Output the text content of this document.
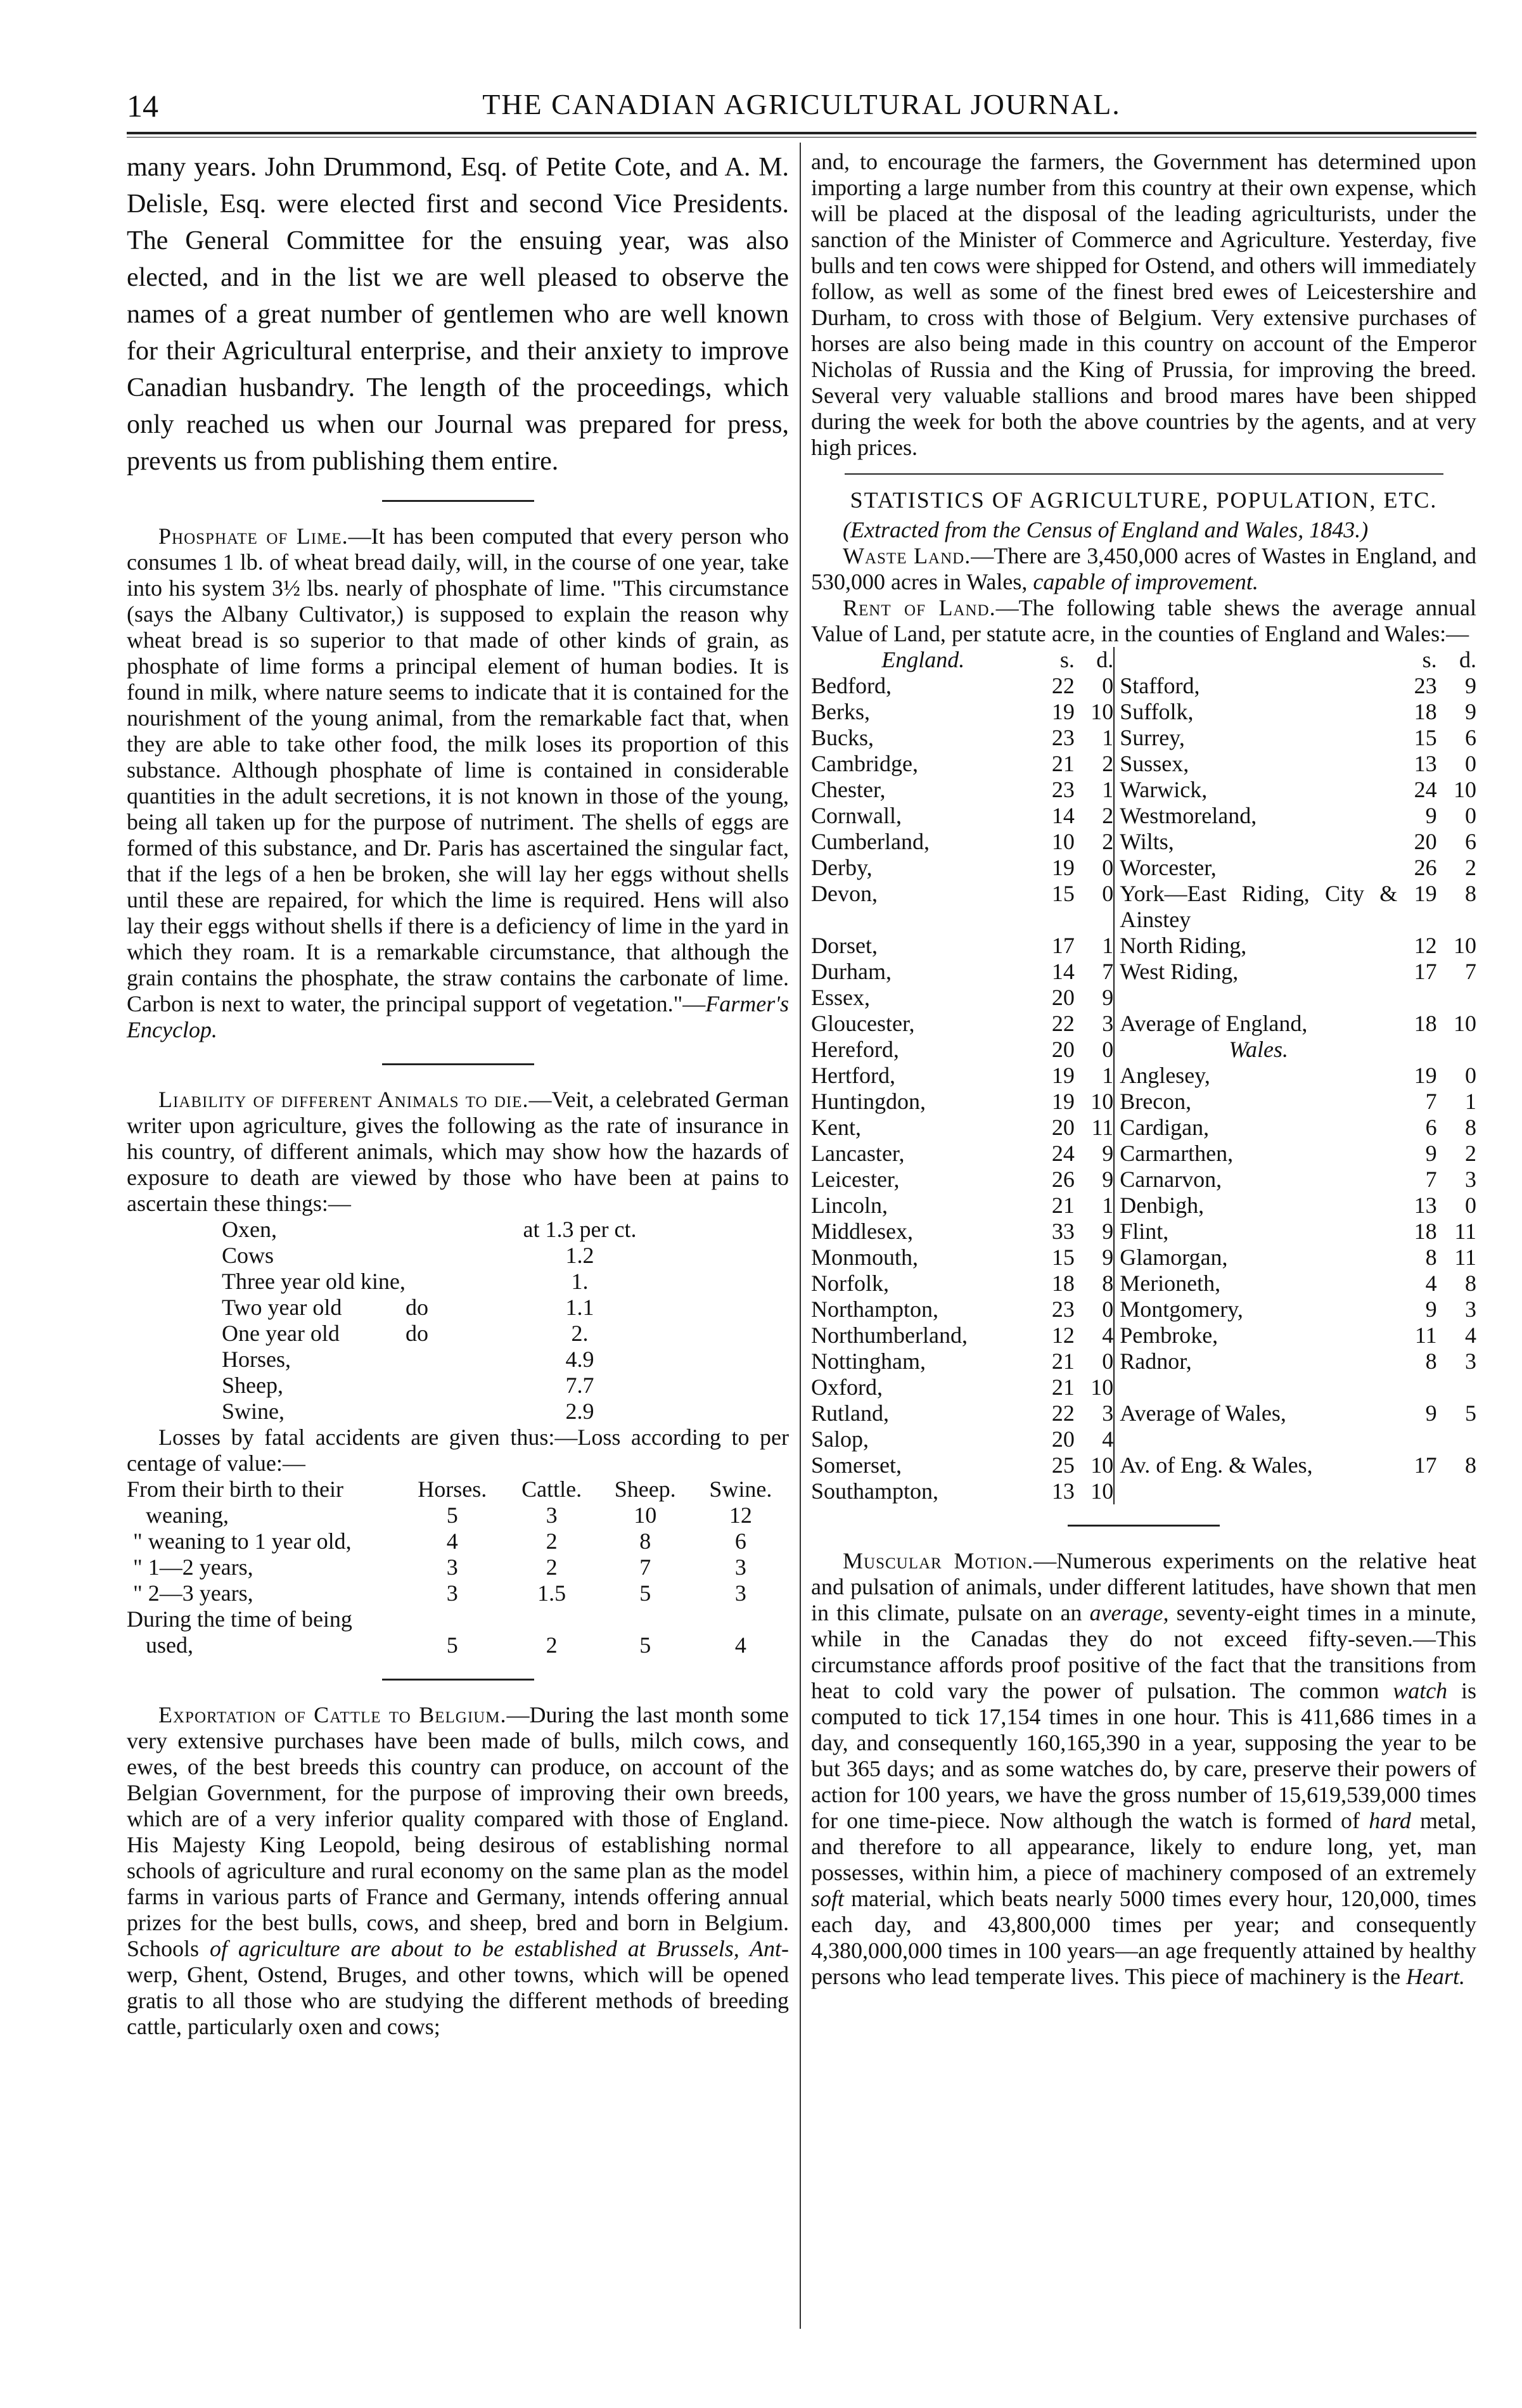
14	THE CANADIAN AGRICULTURAL JOURNAL.

many years. John Drummond, Esq. of Petite Cote, and A. M. Delisle, Esq. were elected first and second Vice Presidents. The General Committee for the ensuing year, was also elected, and in the list we are well pleased to observe the names of a great number of gentlemen who are well known for their Agricultural enterprise, and their anxiety to improve Canadian husbandry. The length of the proceedings, which only reached us when our Journal was prepared for press, prevents us from publishing them entire.

Phosphate of Lime.—It has been computed that every person who consumes 1 lb. of wheat bread daily, will, in the course of one year, take into his system 3½ lbs. nearly of phosphate of lime. "This circumstance (says the Albany Cultivator,) is supposed to explain the reason why wheat bread is so superior to that made of other kinds of grain, as phosphate of lime forms a principal element of human bodies. It is found in milk, where nature seems to indicate that it is contained for the nourishment of the young animal, from the remarkable fact that, when they are able to take other food, the milk loses its proportion of this substance. Although phosphate of lime is contained in considerable quantities in the adult secretions, it is not known in those of the young, being all taken up for the purpose of nutriment. The shells of eggs are formed of this substance, and Dr. Paris has ascertained the singular fact, that if the legs of a hen be broken, she will lay her eggs without shells until these are repaired, for which the lime is required. Hens will also lay their eggs without shells if there is a deficiency of lime in the yard in which they roam. It is a remarkable circumstance, that although the grain contains the phosphate, the straw contains the carbonate of lime. Carbon is next to water, the principal support of vegetation."—Farmer's Encyclop.

Liability of different Animals to die.—Veit, a celebrated German writer upon agriculture, gives the following as the rate of insurance in his country, of different animals, which may show how the hazards of exposure to death are viewed by those who have been at pains to ascertain these things:—

Oxen,		at 1.3 per ct.
Cows		1.2
Three year old kine,		1.
Two year old	do	1.1
One year old	do	2.
Horses,		4.9
Sheep,		7.7
Swine,		2.9

Losses by fatal accidents are given thus:—Loss according to per centage of value:—

From their birth to their	Horses.	Cattle.	Sheep.	Swine.
weaning,	5	3	10	12
" weaning to 1 year old,	4	2	8	6
" 1—2 years,	3	2	7	3
" 2—3 years,	3	1.5	5	3
During the time of being				
used,	5	2	5	4

Exportation of Cattle to Belgium.—During the last month some very extensive purchases have been made of bulls, milch cows, and ewes, of the best breeds this country can produce, on account of the Belgian Government, for the purpose of improving their own breeds, which are of a very inferior quality compared with those of England. His Majesty King Leopold, being desirous of establishing normal schools of agriculture and rural economy on the same plan as the model farms in various parts of France and Germany, intends offering annual prizes for the best bulls, cows, and sheep, bred and born in Belgium. Schools of agriculture are about to be established at Brussels, Ant-werp, Ghent, Ostend, Bruges, and other towns, which will be opened gratis to all those who are studying the different methods of breeding cattle, particularly oxen and cows;

and, to encourage the farmers, the Government has determined upon importing a large number from this country at their own expense, which will be placed at the disposal of the leading agriculturists, under the sanction of the Minister of Commerce and Agriculture. Yesterday, five bulls and ten cows were shipped for Ostend, and others will immediately follow, as well as some of the finest bred ewes of Leicestershire and Durham, to cross with those of Belgium. Very extensive purchases of horses are also being made in this country on account of the Emperor Nicholas of Russia and the King of Prussia, for improving the breed. Several very valuable stallions and brood mares have been shipped during the week for both the above countries by the agents, and at very high prices.

STATISTICS OF AGRICULTURE, POPULATION, ETC.

(Extracted from the Census of England and Wales, 1843.)

Waste Land.—There are 3,450,000 acres of Wastes in England, and 530,000 acres in Wales, capable of improvement.

Rent of Land.—The following table shews the average annual Value of Land, per statute acre, in the counties of England and Wales:—

England.	s.	d.		s.	d.
Bedford,	22	0	Stafford,	23	9
Berks,	19	10	Suffolk,	18	9
Bucks,	23	1	Surrey,	15	6
Cambridge,	21	2	Sussex,	13	0
Chester,	23	1	Warwick,	24	10
Cornwall,	14	2	Westmoreland,	9	0
Cumberland,	10	2	Wilts,	20	6
Derby,	19	0	Worcester,	26	2
Devon,	15	0	York—East Riding, City & Ainstey	19	8
Dorset,	17	1	North Riding,	12	10
Durham,	14	7	West Riding,	17	7
Essex,	20	9			
Gloucester,	22	3	Average of England,	18	10
Hereford,	20	0	Wales.		
Hertford,	19	1	Anglesey,	19	0
Huntingdon,	19	10	Brecon,	7	1
Kent,	20	11	Cardigan,	6	8
Lancaster,	24	9	Carmarthen,	9	2
Leicester,	26	9	Carnarvon,	7	3
Lincoln,	21	1	Denbigh,	13	0
Middlesex,	33	9	Flint,	18	11
Monmouth,	15	9	Glamorgan,	8	11
Norfolk,	18	8	Merioneth,	4	8
Northampton,	23	0	Montgomery,	9	3
Northumberland,	12	4	Pembroke,	11	4
Nottingham,	21	0	Radnor,	8	3
Oxford,	21	10			
Rutland,	22	3	Average of Wales,	9	5
Salop,	20	4			
Somerset,	25	10	Av. of Eng. & Wales,	17	8
Southampton,	13	10			

Muscular Motion.—Numerous experiments on the relative heat and pulsation of animals, under different latitudes, have shown that men in this climate, pulsate on an average, seventy-eight times in a minute, while in the Canadas they do not exceed fifty-seven.—This circumstance affords proof positive of the fact that the transitions from heat to cold vary the power of pulsation. The common watch is computed to tick 17,154 times in one hour. This is 411,686 times in a day, and consequently 160,165,390 in a year, supposing the year to be but 365 days; and as some watches do, by care, preserve their powers of action for 100 years, we have the gross number of 15,619,539,000 times for one time-piece. Now although the watch is formed of hard metal, and therefore to all appearance, likely to endure long, yet, man possesses, within him, a piece of machinery composed of an extremely soft material, which beats nearly 5000 times every hour, 120,000, times each day, and 43,800,000 times per year; and consequently 4,380,000,000 times in 100 years—an age frequently attained by healthy persons who lead temperate lives. This piece of machinery is the Heart.
